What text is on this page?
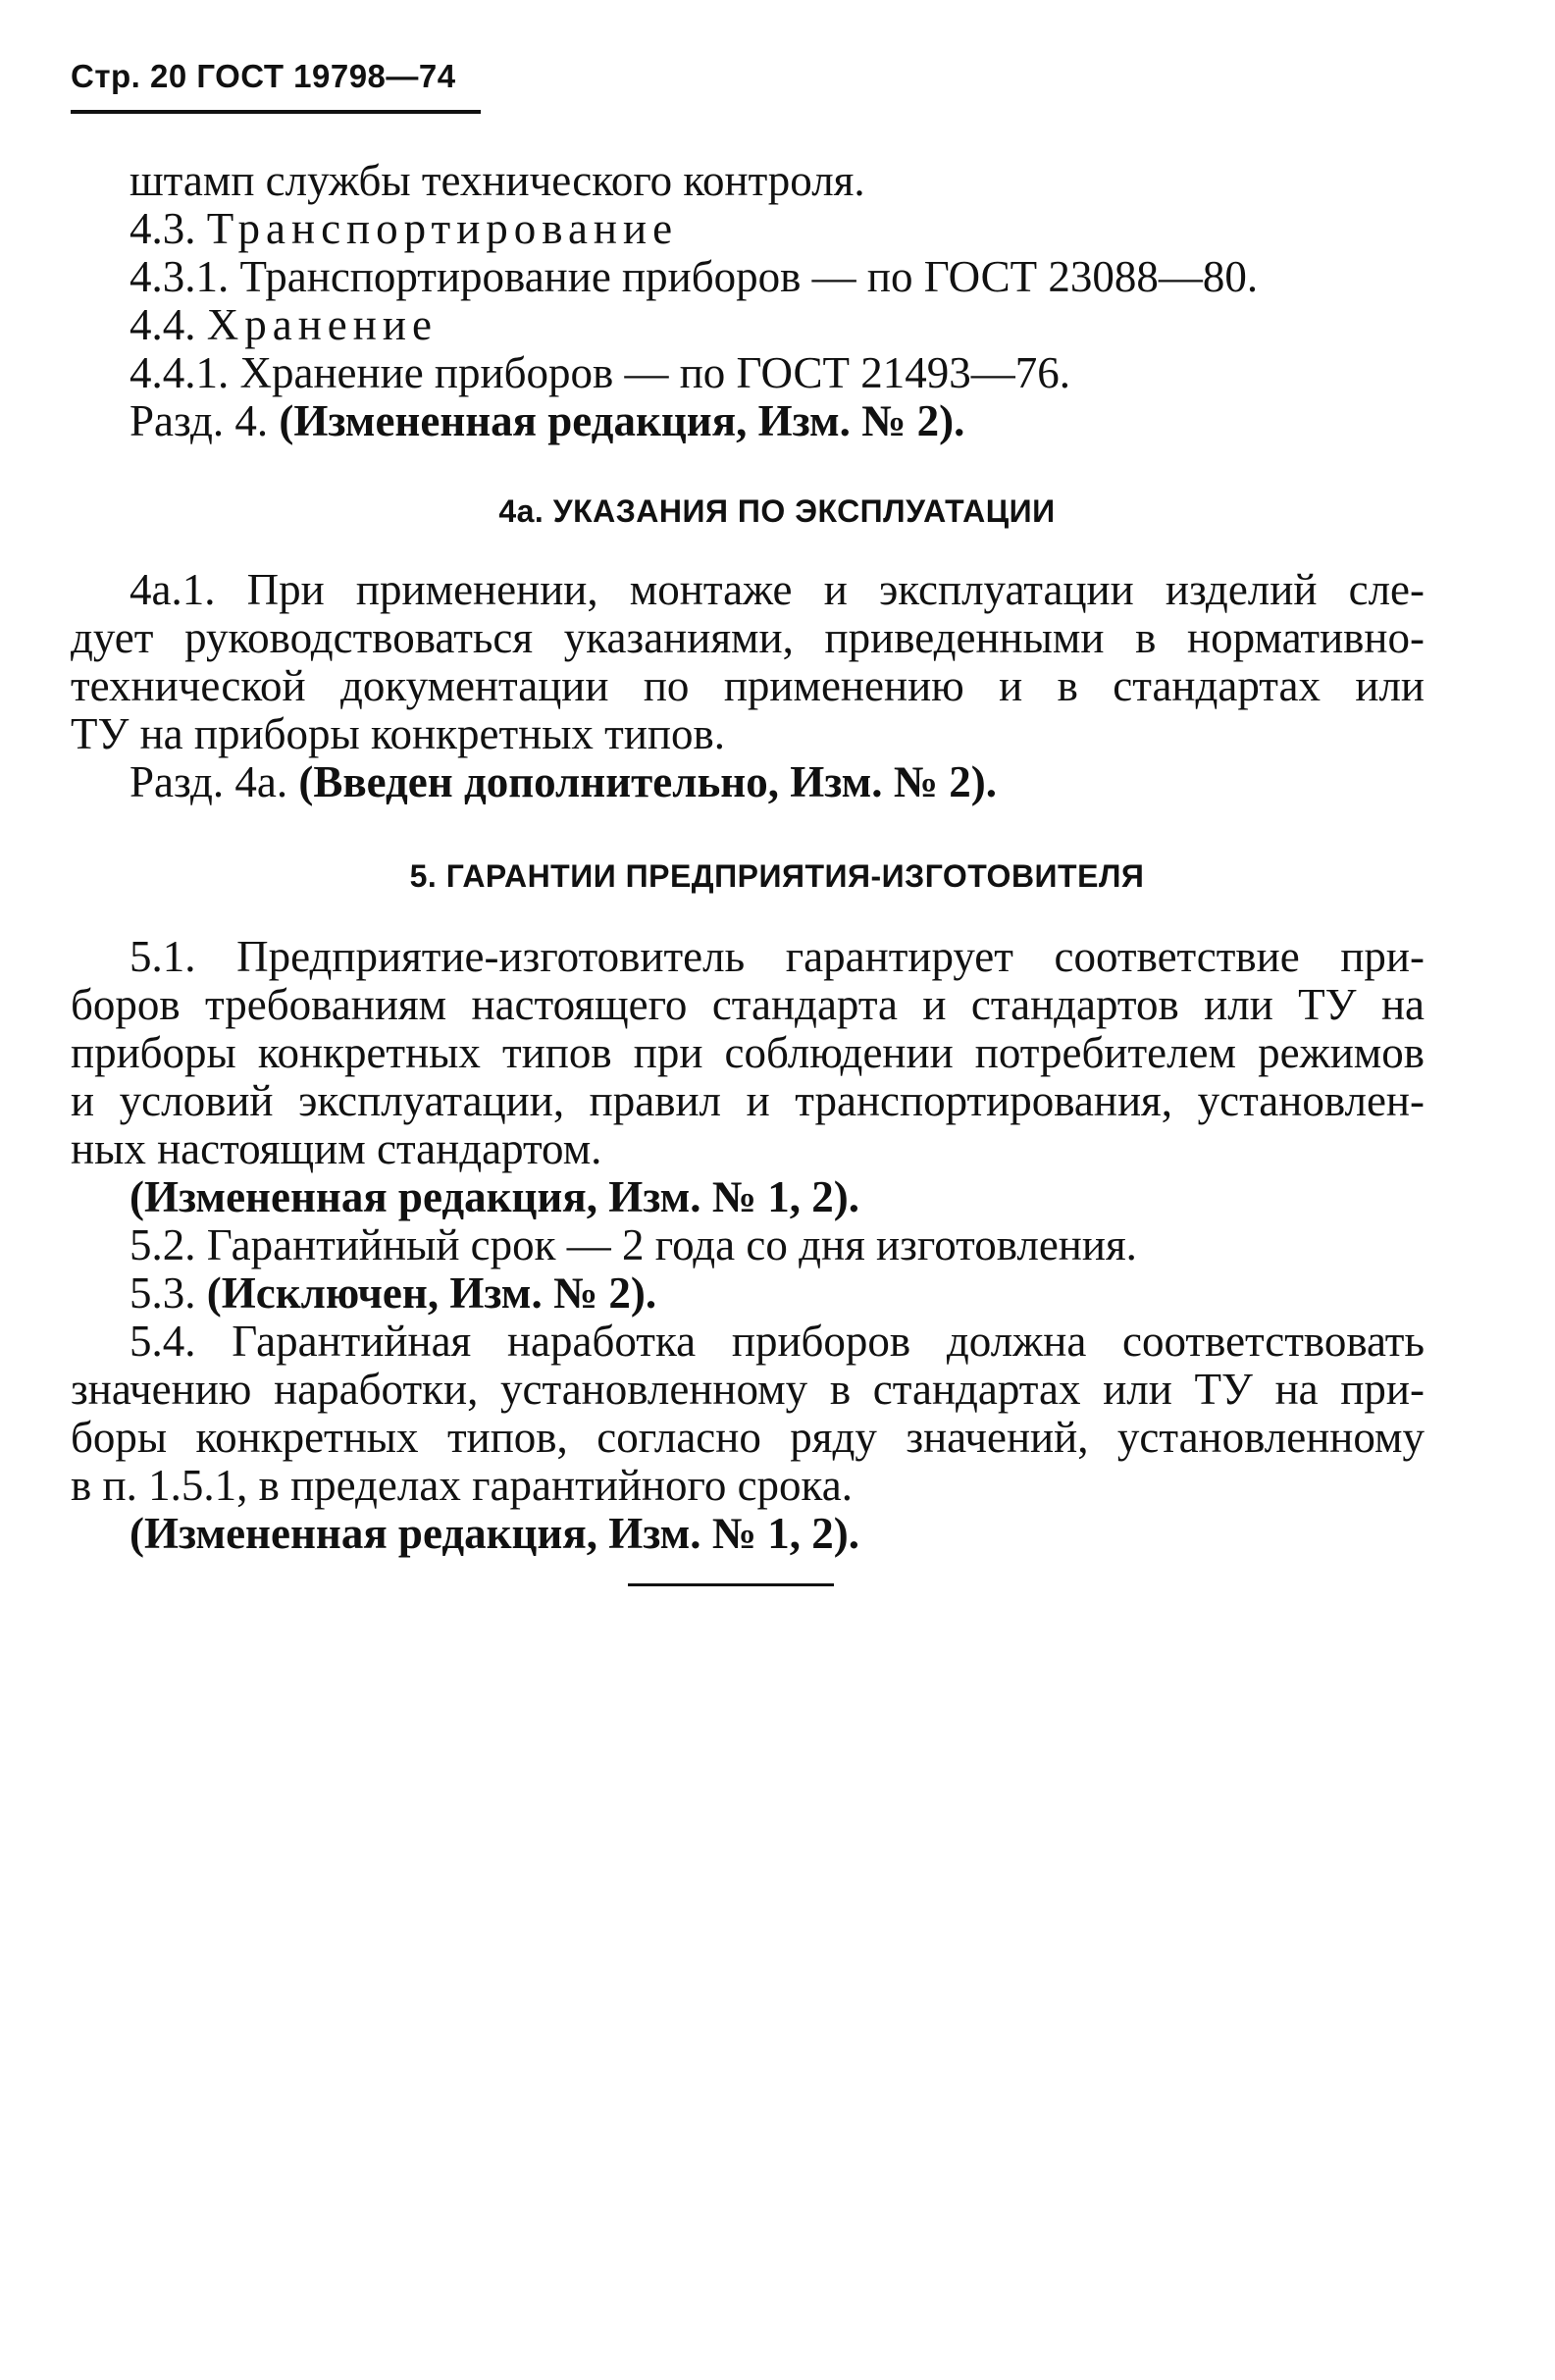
Стр. 20 ГОСТ 19798—74

штамп службы технического контроля.

4.3. Транспортирование

4.3.1. Транспортирование приборов — по ГОСТ 23088—80.

4.4. Хранение

4.4.1. Хранение приборов — по ГОСТ 21493—76.

Разд. 4. (Измененная редакция, Изм. № 2).

4а. УКАЗАНИЯ ПО ЭКСПЛУАТАЦИИ

4а.1. При применении, монтаже и эксплуатации изделий сле-

дует руководствоваться указаниями, приведенными в нормативно-

технической документации по применению и в стандартах или

ТУ на приборы конкретных типов.

Разд. 4а. (Введен дополнительно, Изм. № 2).

5. ГАРАНТИИ ПРЕДПРИЯТИЯ-ИЗГОТОВИТЕЛЯ

5.1. Предприятие-изготовитель гарантирует соответствие при-

боров требованиям настоящего стандарта и стандартов или ТУ на

приборы конкретных типов при соблюдении потребителем режимов

и условий эксплуатации, правил и транспортирования, установлен-

ных настоящим стандартом.

(Измененная редакция, Изм. № 1, 2).

5.2. Гарантийный срок — 2 года со дня изготовления.

5.3. (Исключен, Изм. № 2).

5.4. Гарантийная наработка приборов должна соответствовать

значению наработки, установленному в стандартах или ТУ на при-

боры конкретных типов, согласно ряду значений, установленному

в п. 1.5.1, в пределах гарантийного срока.

(Измененная редакция, Изм. № 1, 2).
